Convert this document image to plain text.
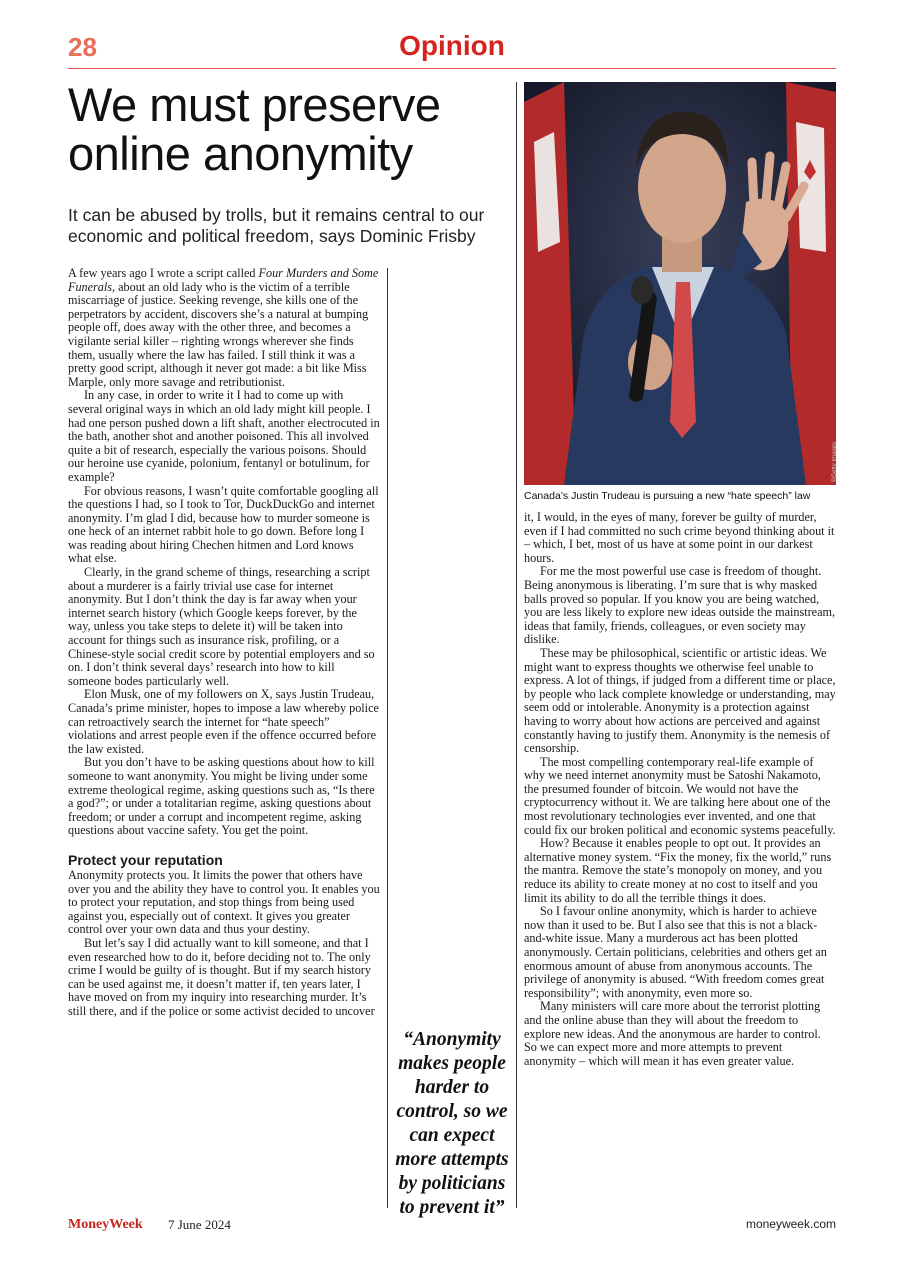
28	Opinion
We must preserve online anonymity

It can be abused by trolls, but it remains central to our economic and political freedom, says Dominic Frisby

A few years ago I wrote a script called Four Murders and Some Funerals, about an old lady who is the victim of a terrible miscarriage of justice. Seeking revenge, she kills one of the perpetrators by accident, discovers she’s a natural at bumping people off, does away with the other three, and becomes a vigilante serial killer – righting wrongs wherever she finds them, usually where the law has failed. I still think it was a pretty good script, although it never got made: a bit like Miss Marple, only more savage and retributionist.

In any case, in order to write it I had to come up with several original ways in which an old lady might kill people. I had one person pushed down a lift shaft, another electrocuted in the bath, another shot and another poisoned. This all involved quite a bit of research, especially the various poisons. Should our heroine use cyanide, polonium, fentanyl or botulinum, for example?

For obvious reasons, I wasn’t quite comfortable googling all the questions I had, so I took to Tor, DuckDuckGo and internet anonymity. I’m glad I did, because how to murder someone is one heck of an internet rabbit hole to go down. Before long I was reading about hiring Chechen hitmen and Lord knows what else.

Clearly, in the grand scheme of things, researching a script about a murderer is a fairly trivial use case for internet anonymity. But I don’t think the day is far away when your internet search history (which Google keeps forever, by the way, unless you take steps to delete it) will be taken into account for things such as insurance risk, profiling, or a Chinese-style social credit score by potential employers and so on. I don’t think several days’ research into how to kill someone bodes particularly well.

Elon Musk, one of my followers on X, says Justin Trudeau, Canada’s prime minister, hopes to impose a law whereby police can retroactively search the internet for “hate speech” violations and arrest people even if the offence occurred before the law existed.

But you don’t have to be asking questions about how to kill someone to want anonymity. You might be living under some extreme theological regime, asking questions such as, “Is there a god?”; or under a totalitarian regime, asking questions about freedom; or under a corrupt and incompetent regime, asking questions about vaccine safety. You get the point.

Protect your reputation

Anonymity protects you. It limits the power that others have over you and the ability they have to control you. It enables you to protect your reputation, and stop things from being used against you, especially out of context. It gives you greater control over your own data and thus your destiny.

But let’s say I did actually want to kill someone, and that I even researched how to do it, before deciding not to. The only crime I would be guilty of is thought. But if my search history can be used against me, it doesn’t matter if, ten years later, I have moved on from my inquiry into researching murder. It’s still there, and if the police or some activist decided to uncover

“Anonymity makes people harder to control, so we can expect more attempts by politicians to prevent it”

©Getty Images
Canada’s Justin Trudeau is pursuing a new “hate speech” law

it, I would, in the eyes of many, forever be guilty of murder, even if I had committed no such crime beyond thinking about it – which, I bet, most of us have at some point in our darkest hours.

For me the most powerful use case is freedom of thought. Being anonymous is liberating. I’m sure that is why masked balls proved so popular. If you know you are being watched, you are less likely to explore new ideas outside the mainstream, ideas that family, friends, colleagues, or even society may dislike.

These may be philosophical, scientific or artistic ideas. We might want to express thoughts we otherwise feel unable to express. A lot of things, if judged from a different time or place, by people who lack complete knowledge or understanding, may seem odd or intolerable. Anonymity is a protection against having to worry about how actions are perceived and against constantly having to justify them. Anonymity is the nemesis of censorship.

The most compelling contemporary real-life example of why we need internet anonymity must be Satoshi Nakamoto, the presumed founder of bitcoin. We would not have the cryptocurrency without it. We are talking here about one of the most revolutionary technologies ever invented, and one that could fix our broken political and economic systems peacefully.

How? Because it enables people to opt out. It provides an alternative money system. “Fix the money, fix the world,” runs the mantra. Remove the state’s monopoly on money, and you reduce its ability to create money at no cost to itself and you limit its ability to do all the terrible things it does.

So I favour online anonymity, which is harder to achieve now than it used to be. But I also see that this is not a black-and-white issue. Many a murderous act has been plotted anonymously. Certain politicians, celebrities and others get an enormous amount of abuse from anonymous accounts. The privilege of anonymity is abused. “With freedom comes great responsibility”; with anonymity, even more so.

Many ministers will care more about the terrorist plotting and the online abuse than they will about the freedom to explore new ideas. And the anonymous are harder to control. So we can expect more and more attempts to prevent anonymity – which will mean it has even greater value.

MoneyWeek 7 June 2024	moneyweek.com
